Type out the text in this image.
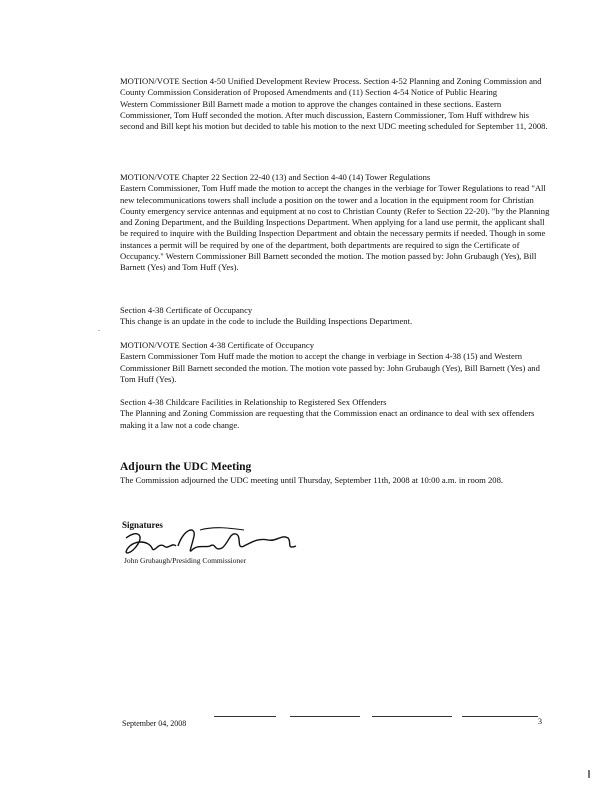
MOTION/VOTE Section 4-50 Unified Development Review Process. Section 4-52 Planning and Zoning Commission and County Commission Consideration of Proposed Amendments and (11) Section 4-54 Notice of Public Hearing

Western Commissioner Bill Barnett made a motion to approve the changes contained in these sections. Eastern Commissioner, Tom Huff seconded the motion. After much discussion, Eastern Commissioner, Tom Huff withdrew his second and Bill kept his motion but decided to table his motion to the next UDC meeting scheduled for September 11, 2008.

MOTION/VOTE Chapter 22 Section 22-40 (13) and Section 4-40 (14) Tower Regulations

Eastern Commissioner, Tom Huff made the motion to accept the changes in the verbiage for Tower Regulations to read "All new telecommunications towers shall include a position on the tower and a location in the equipment room for Christian County emergency service antennas and equipment at no cost to Christian County (Refer to Section 22-20). "by the Planning and Zoning Department, and the Building Inspections Department. When applying for a land use permit, the applicant shall be required to inquire with the Building Inspection Department and obtain the necessary permits if needed. Though in some instances a permit will be required by one of the department, both departments are required to sign the Certificate of Occupancy." Western Commissioner Bill Barnett seconded the motion. The motion passed by: John Grubaugh (Yes), Bill Barnett (Yes) and Tom Huff (Yes).

.

Section 4-38 Certificate of Occupancy

This change is an update in the code to include the Building Inspections Department.

MOTION/VOTE Section 4-38 Certificate of Occupancy

Eastern Commissioner Tom Huff made the motion to accept the change in verbiage in Section 4-38 (15) and Western Commissioner Bill Barnett seconded the motion. The motion vote passed by: John Grubaugh (Yes), Bill Barnett (Yes) and Tom Huff (Yes).

Section 4-38 Childcare Facilities in Relationship to Registered Sex Offenders

The Planning and Zoning Commission are requesting that the Commission enact an ordinance to deal with sex offenders making it a law not a code change.

Adjourn the UDC Meeting

The Commission adjourned the UDC meeting until Thursday, September 11th, 2008 at 10:00 a.m. in room 208.

Signatures
John Grubaugh/Presiding Commissioner
September 04, 2008	3
